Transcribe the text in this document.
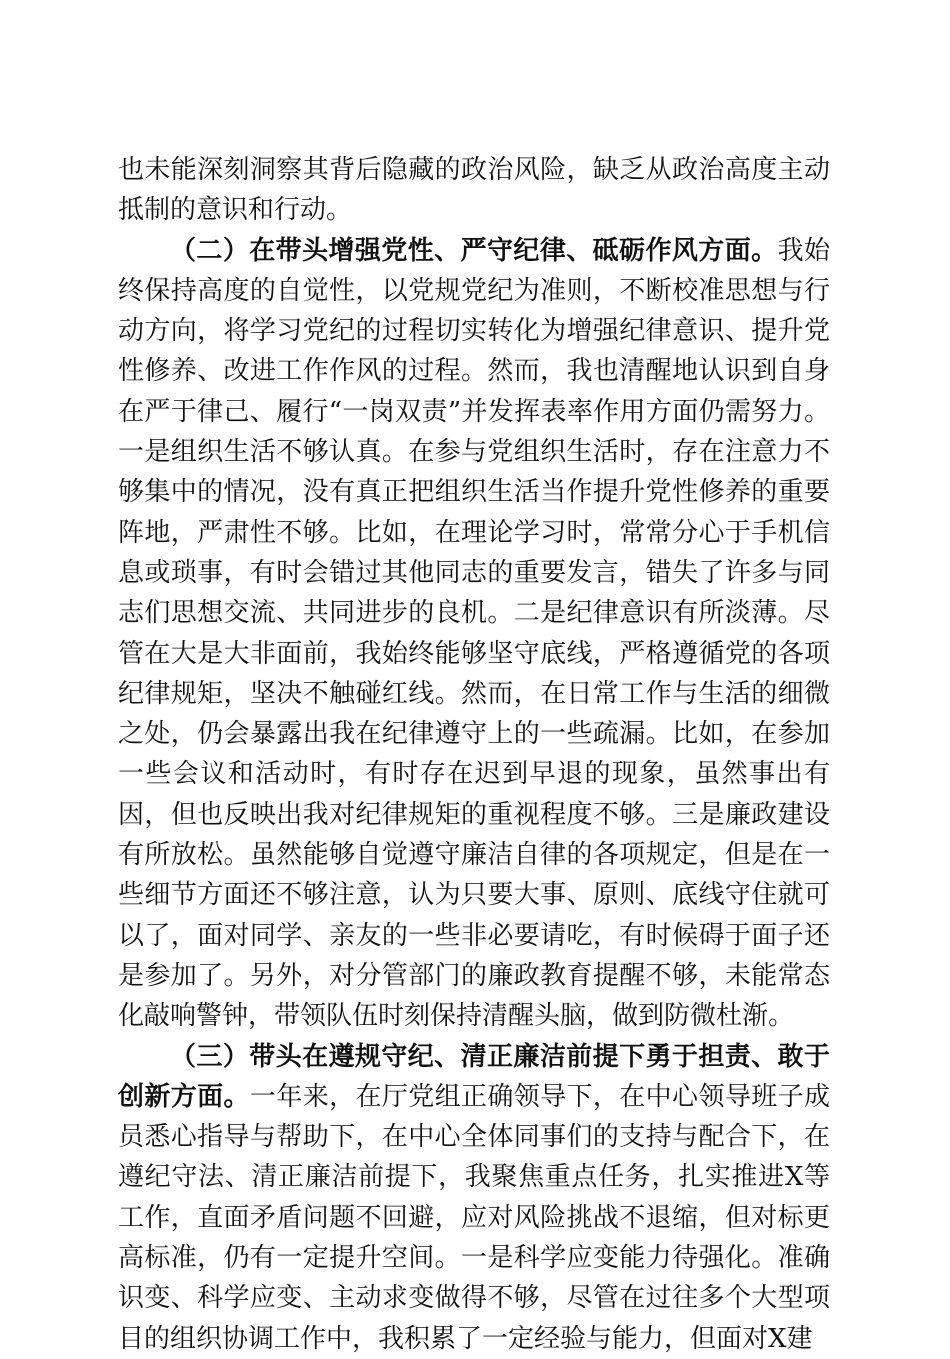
也未能深刻洞察其背后隐藏的政治风险，缺乏从政治高度主动抵制的意识和行动。

（二）在带头增强党性、严守纪律、砥砺作风方面。我始终保持高度的自觉性，以党规党纪为准则，不断校准思想与行动方向，将学习党纪的过程切实转化为增强纪律意识、提升党性修养、改进工作作风的过程。然而，我也清醒地认识到自身在严于律己、履行“一岗双责”并发挥表率作用方面仍需努力。一是组织生活不够认真。在参与党组织生活时，存在注意力不够集中的情况，没有真正把组织生活当作提升党性修养的重要阵地，严肃性不够。比如，在理论学习时，常常分心于手机信息或琐事，有时会错过其他同志的重要发言，错失了许多与同志们思想交流、共同进步的良机。二是纪律意识有所淡薄。尽管在大是大非面前，我始终能够坚守底线，严格遵循党的各项纪律规矩，坚决不触碰红线。然而，在日常工作与生活的细微之处，仍会暴露出我在纪律遵守上的一些疏漏。比如，在参加一些会议和活动时，有时存在迟到早退的现象，虽然事出有因，但也反映出我对纪律规矩的重视程度不够。三是廉政建设有所放松。虽然能够自觉遵守廉洁自律的各项规定，但是在一些细节方面还不够注意，认为只要大事、原则、底线守住就可以了，面对同学、亲友的一些非必要请吃，有时候碍于面子还是参加了。另外，对分管部门的廉政教育提醒不够，未能常态化敲响警钟，带领队伍时刻保持清醒头脑，做到防微杜渐。

（三）带头在遵规守纪、清正廉洁前提下勇于担责、敢于创新方面。一年来，在厅党组正确领导下，在中心领导班子成员悉心指导与帮助下，在中心全体同事们的支持与配合下，在遵纪守法、清正廉洁前提下，我聚焦重点任务，扎实推进X等工作，直面矛盾问题不回避，应对风险挑战不退缩，但对标更高标准，仍有一定提升空间。一是科学应变能力待强化。准确识变、科学应变、主动求变做得不够，尽管在过往多个大型项目的组织协调工作中，我积累了一定经验与能力，但面对X建
